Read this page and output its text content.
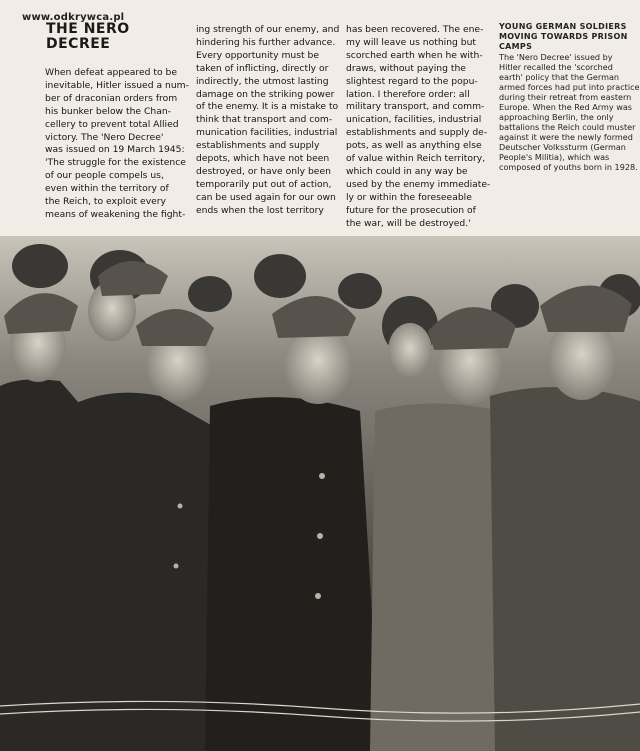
www.odkrywca.pl
THE NERO
DECREE

When defeat appeared to be

inevitable, Hitler issued a num-

ber of draconian orders from

his bunker below the Chan-

cellery to prevent total Allied

victory. The 'Nero Decree'

was issued on 19 March 1945:

'The struggle for the existence

of our people compels us,

even within the territory of

the Reich, to exploit every

means of weakening the fight-

ing strength of our enemy, and

hindering his further advance.

Every opportunity must be

taken of inflicting, directly or

indirectly, the utmost lasting

damage on the striking power

of the enemy. It is a mistake to

think that transport and com-

munication facilities, industrial

establishments and supply

depots, which have not been

destroyed, or have only been

temporarily put out of action,

can be used again for our own

ends when the lost territory

has been recovered. The ene-

my will leave us nothing but

scorched earth when he with-

draws, without paying the

slightest regard to the popu-

lation. I therefore order: all

military transport, and comm-

unication, facilities, industrial

establishments and supply de-

pots, as well as anything else

of value within Reich territory,

which could in any way be

used by the enemy immediate-

ly or within the foreseeable

future for the prosecution of

the war, will be destroyed.'

YOUNG GERMAN SOLDIERS
MOVING TOWARDS PRISON
CAMPS

The 'Nero Decree' issued by

Hitler recalled the 'scorched

earth' policy that the German

armed forces had put into practice

during their retreat from eastern

Europe. When the Red Army was

approaching Berlin, the only

battalions the Reich could muster

against it were the newly formed

Deutscher Volkssturm (German

People's Militia), which was

composed of youths born in 1928.
